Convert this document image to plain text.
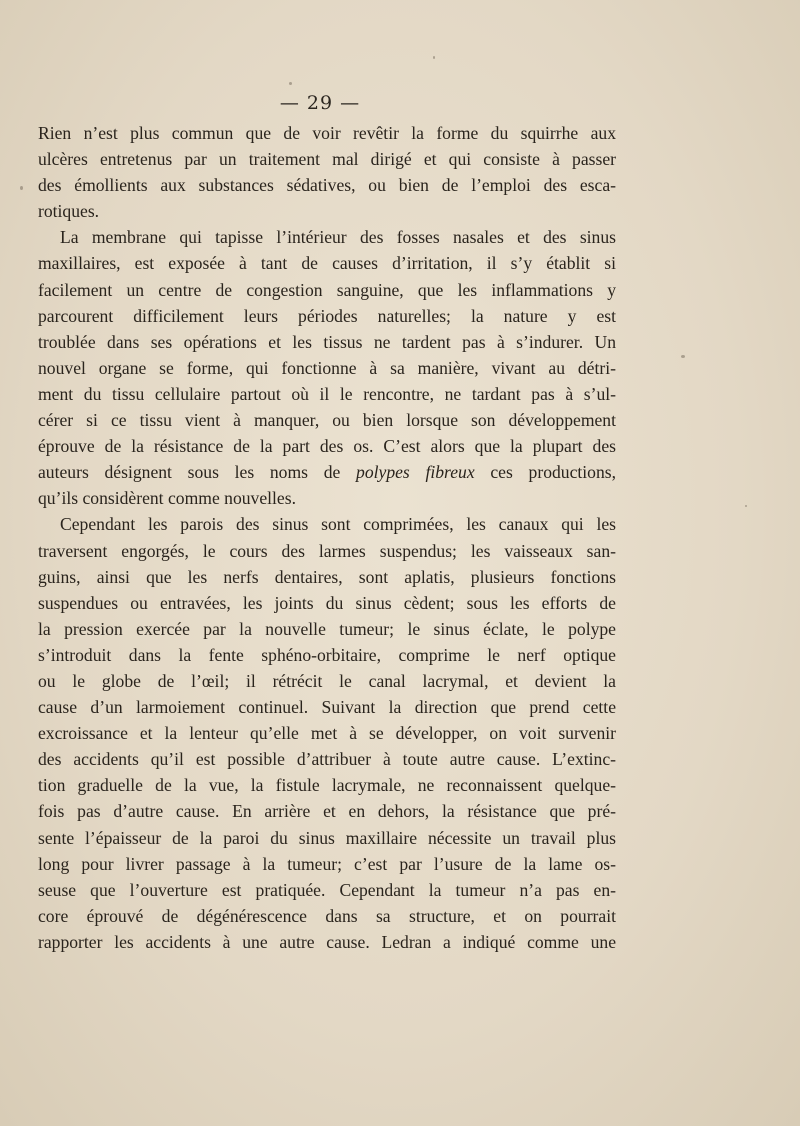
— 29 —
Rien n’est plus commun que de voir revêtir la forme du squirrhe aux
ulcères entretenus par un traitement mal dirigé et qui consiste à passer
des émollients aux substances sédatives, ou bien de l’emploi des esca-
rotiques.
La membrane qui tapisse l’intérieur des fosses nasales et des sinus
maxillaires, est exposée à tant de causes d’irritation, il s’y établit si
facilement un centre de congestion sanguine, que les inflammations y
parcourent difficilement leurs périodes naturelles; la nature y est
troublée dans ses opérations et les tissus ne tardent pas à s’indurer. Un
nouvel organe se forme, qui fonctionne à sa manière, vivant au détri-
ment du tissu cellulaire partout où il le rencontre, ne tardant pas à s’ul-
cérer si ce tissu vient à manquer, ou bien lorsque son développement
éprouve de la résistance de la part des os. C’est alors que la plupart des
auteurs désignent sous les noms de polypes fibreux ces productions,
qu’ils considèrent comme nouvelles.
Cependant les parois des sinus sont comprimées, les canaux qui les
traversent engorgés, le cours des larmes suspendus; les vaisseaux san-
guins, ainsi que les nerfs dentaires, sont aplatis, plusieurs fonctions
suspendues ou entravées, les joints du sinus cèdent; sous les efforts de
la pression exercée par la nouvelle tumeur; le sinus éclate, le polype
s’introduit dans la fente sphéno-orbitaire, comprime le nerf optique
ou le globe de l’œil; il rétrécit le canal lacrymal, et devient la
cause d’un larmoiement continuel. Suivant la direction que prend cette
excroissance et la lenteur qu’elle met à se développer, on voit survenir
des accidents qu’il est possible d’attribuer à toute autre cause. L’extinc-
tion graduelle de la vue, la fistule lacrymale, ne reconnaissent quelque-
fois pas d’autre cause. En arrière et en dehors, la résistance que pré-
sente l’épaisseur de la paroi du sinus maxillaire nécessite un travail plus
long pour livrer passage à la tumeur; c’est par l’usure de la lame os-
seuse que l’ouverture est pratiquée. Cependant la tumeur n’a pas en-
core éprouvé de dégénérescence dans sa structure, et on pourrait
rapporter les accidents à une autre cause. Ledran a indiqué comme une
